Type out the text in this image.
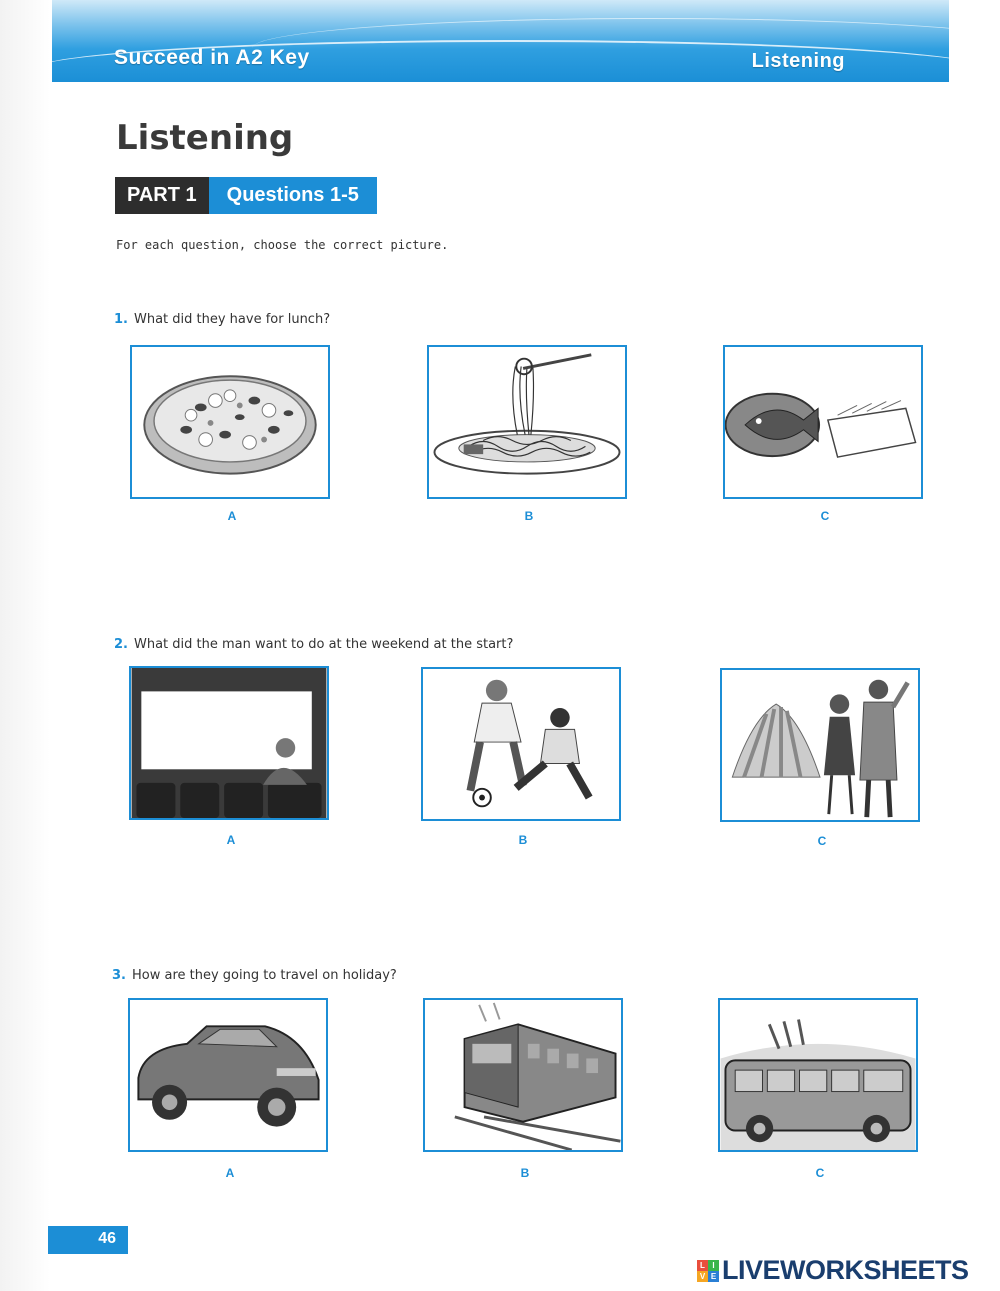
Succeed in A2 Key	Listening
Listening
PART 1	Questions 1-5
For each question, choose the correct picture.
1. What did they have for lunch?
A	B	C
2. What did the man want to do at the weekend at the start?
A	B	C
3. How are they going to travel on holiday?
A	B	C
46
L I
V E LIVEWORKSHEETS
